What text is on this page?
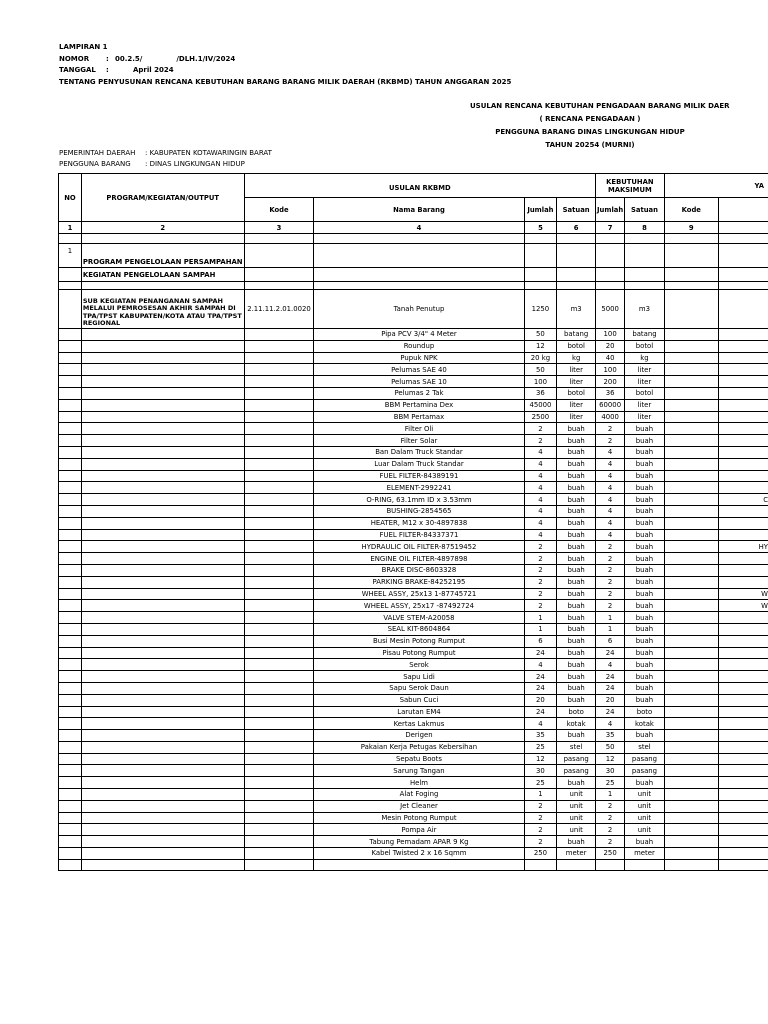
LAMPIRAN 1
NOMOR : 00.2.5/	/DLH.1/IV/2024
TANGGAL :	April 2024
TENTANG PENYUSUNAN RENCANA KEBUTUHAN BARANG BARANG MILIK DAERAH (RKBMD) TAHUN ANGGARAN 2025
USULAN RENCANA KEBUTUHAN PENGADAAN BARANG MILIK DAER
( RENCANA PENGADAAN )
PENGGUNA BARANG DINAS LINGKUNGAN HIDUP
TAHUN 20254 (MURNI)
PEMERINTAH DAERAH : KABUPATEN KOTAWARINGIN BARAT
PENGGUNA BARANG : DINAS LINGKUNGAN HIDUP
NO	PROGRAM/KEGIATAN/OUTPUT	USULAN RKBMD				KEBUTUHAN MAKSIMUM		YA	
		Kode	Nama Barang	Jumlah	Satuan	Jumlah	Satuan	Kode	
1	2	3	4	5	6	7	8	9	

1	PROGRAM PENGELOLAAN PERSAMPAHAN								
	KEGIATAN PENGELOLAAN SAMPAH								

	SUB KEGIATAN PENANGANAN SAMPAH MELALUI PEMROSESAN AKHIR SAMPAH DI TPA/TPST KABUPATEN/KOTA ATAU TPA/TPST REGIONAL	2.11.11.2.01.0020	Tanah Penutup	1250	m3	5000	m3		
			Pipa PCV 3/4" 4 Meter	50	batang	100	batang		
			Roundup	12	botol	20	botol		
			Pupuk NPK	20 kg	kg	40	kg		
			Pelumas SAE 40	50	liter	100	liter		
			Pelumas SAE 10	100	liter	200	liter		
			Pelumas 2 Tak	36	botol	36	botol		
			BBM Pertamina Dex	45000	liter	60000	liter		
			BBM Pertamax	2500	liter	4000	liter		
			Filter Oli	2	buah	2	buah		
			Filter Solar	2	buah	2	buah		
			Ban Dalam Truck Standar	4	buah	4	buah		
			Luar Dalam Truck Standar	4	buah	4	buah		
			FUEL FILTER-84389191	4	buah	4	buah		
			ELEMENT-2992241	4	buah	4	buah		
			O-RING, 63.1mm ID x 3.53mm	4	buah	4	buah		C
			BUSHING-2854565	4	buah	4	buah		
			HEATER, M12 x 30-4897838	4	buah	4	buah		
			FUEL FILTER-84337371	4	buah	4	buah		
			HYDRAULIC OIL FILTER-87519452	2	buah	2	buah		HY
			ENGINE OIL FILTER-4897898	2	buah	2	buah		
			BRAKE DISC-8603328	2	buah	2	buah		
			PARKING BRAKE-84252195	2	buah	2	buah		
			WHEEL ASSY, 25x13 1-87745721	2	buah	2	buah		W
			WHEEL ASSY, 25x17 -87492724	2	buah	2	buah		W
			VALVE STEM-A20058	1	buah	1	buah		
			SEAL KIT-8604864	1	buah	1	buah		
			Busi Mesin Potong Rumput	6	buah	6	buah		
			Pisau Potong Rumput	24	buah	24	buah		
			Serok	4	buah	4	buah		
			Sapu Lidi	24	buah	24	buah		
			Sapu Serok Daun	24	buah	24	buah		
			Sabun Cuci	20	buah	20	buah		
			Larutan EM4	24	boto	24	boto		
			Kertas Lakmus	4	kotak	4	kotak		
			Derigen	35	buah	35	buah		
			Pakaian Kerja Petugas Kebersihan	25	stel	50	stel		
			Sepatu Boots	12	pasang	12	pasang		
			Sarung Tangan	30	pasang	30	pasang		
			Helm	25	buah	25	buah		
			Alat Foging	1	unit	1	unit		
			Jet Cleaner	2	unit	2	unit		
			Mesin Potong Rumput	2	unit	2	unit		
			Pompa Air	2	unit	2	unit		
			Tabung Pemadam APAR 9 Kg	2	buah	2	buah		
			Kabel Twisted 2 x 16 Sqmm	250	meter	250	meter		
